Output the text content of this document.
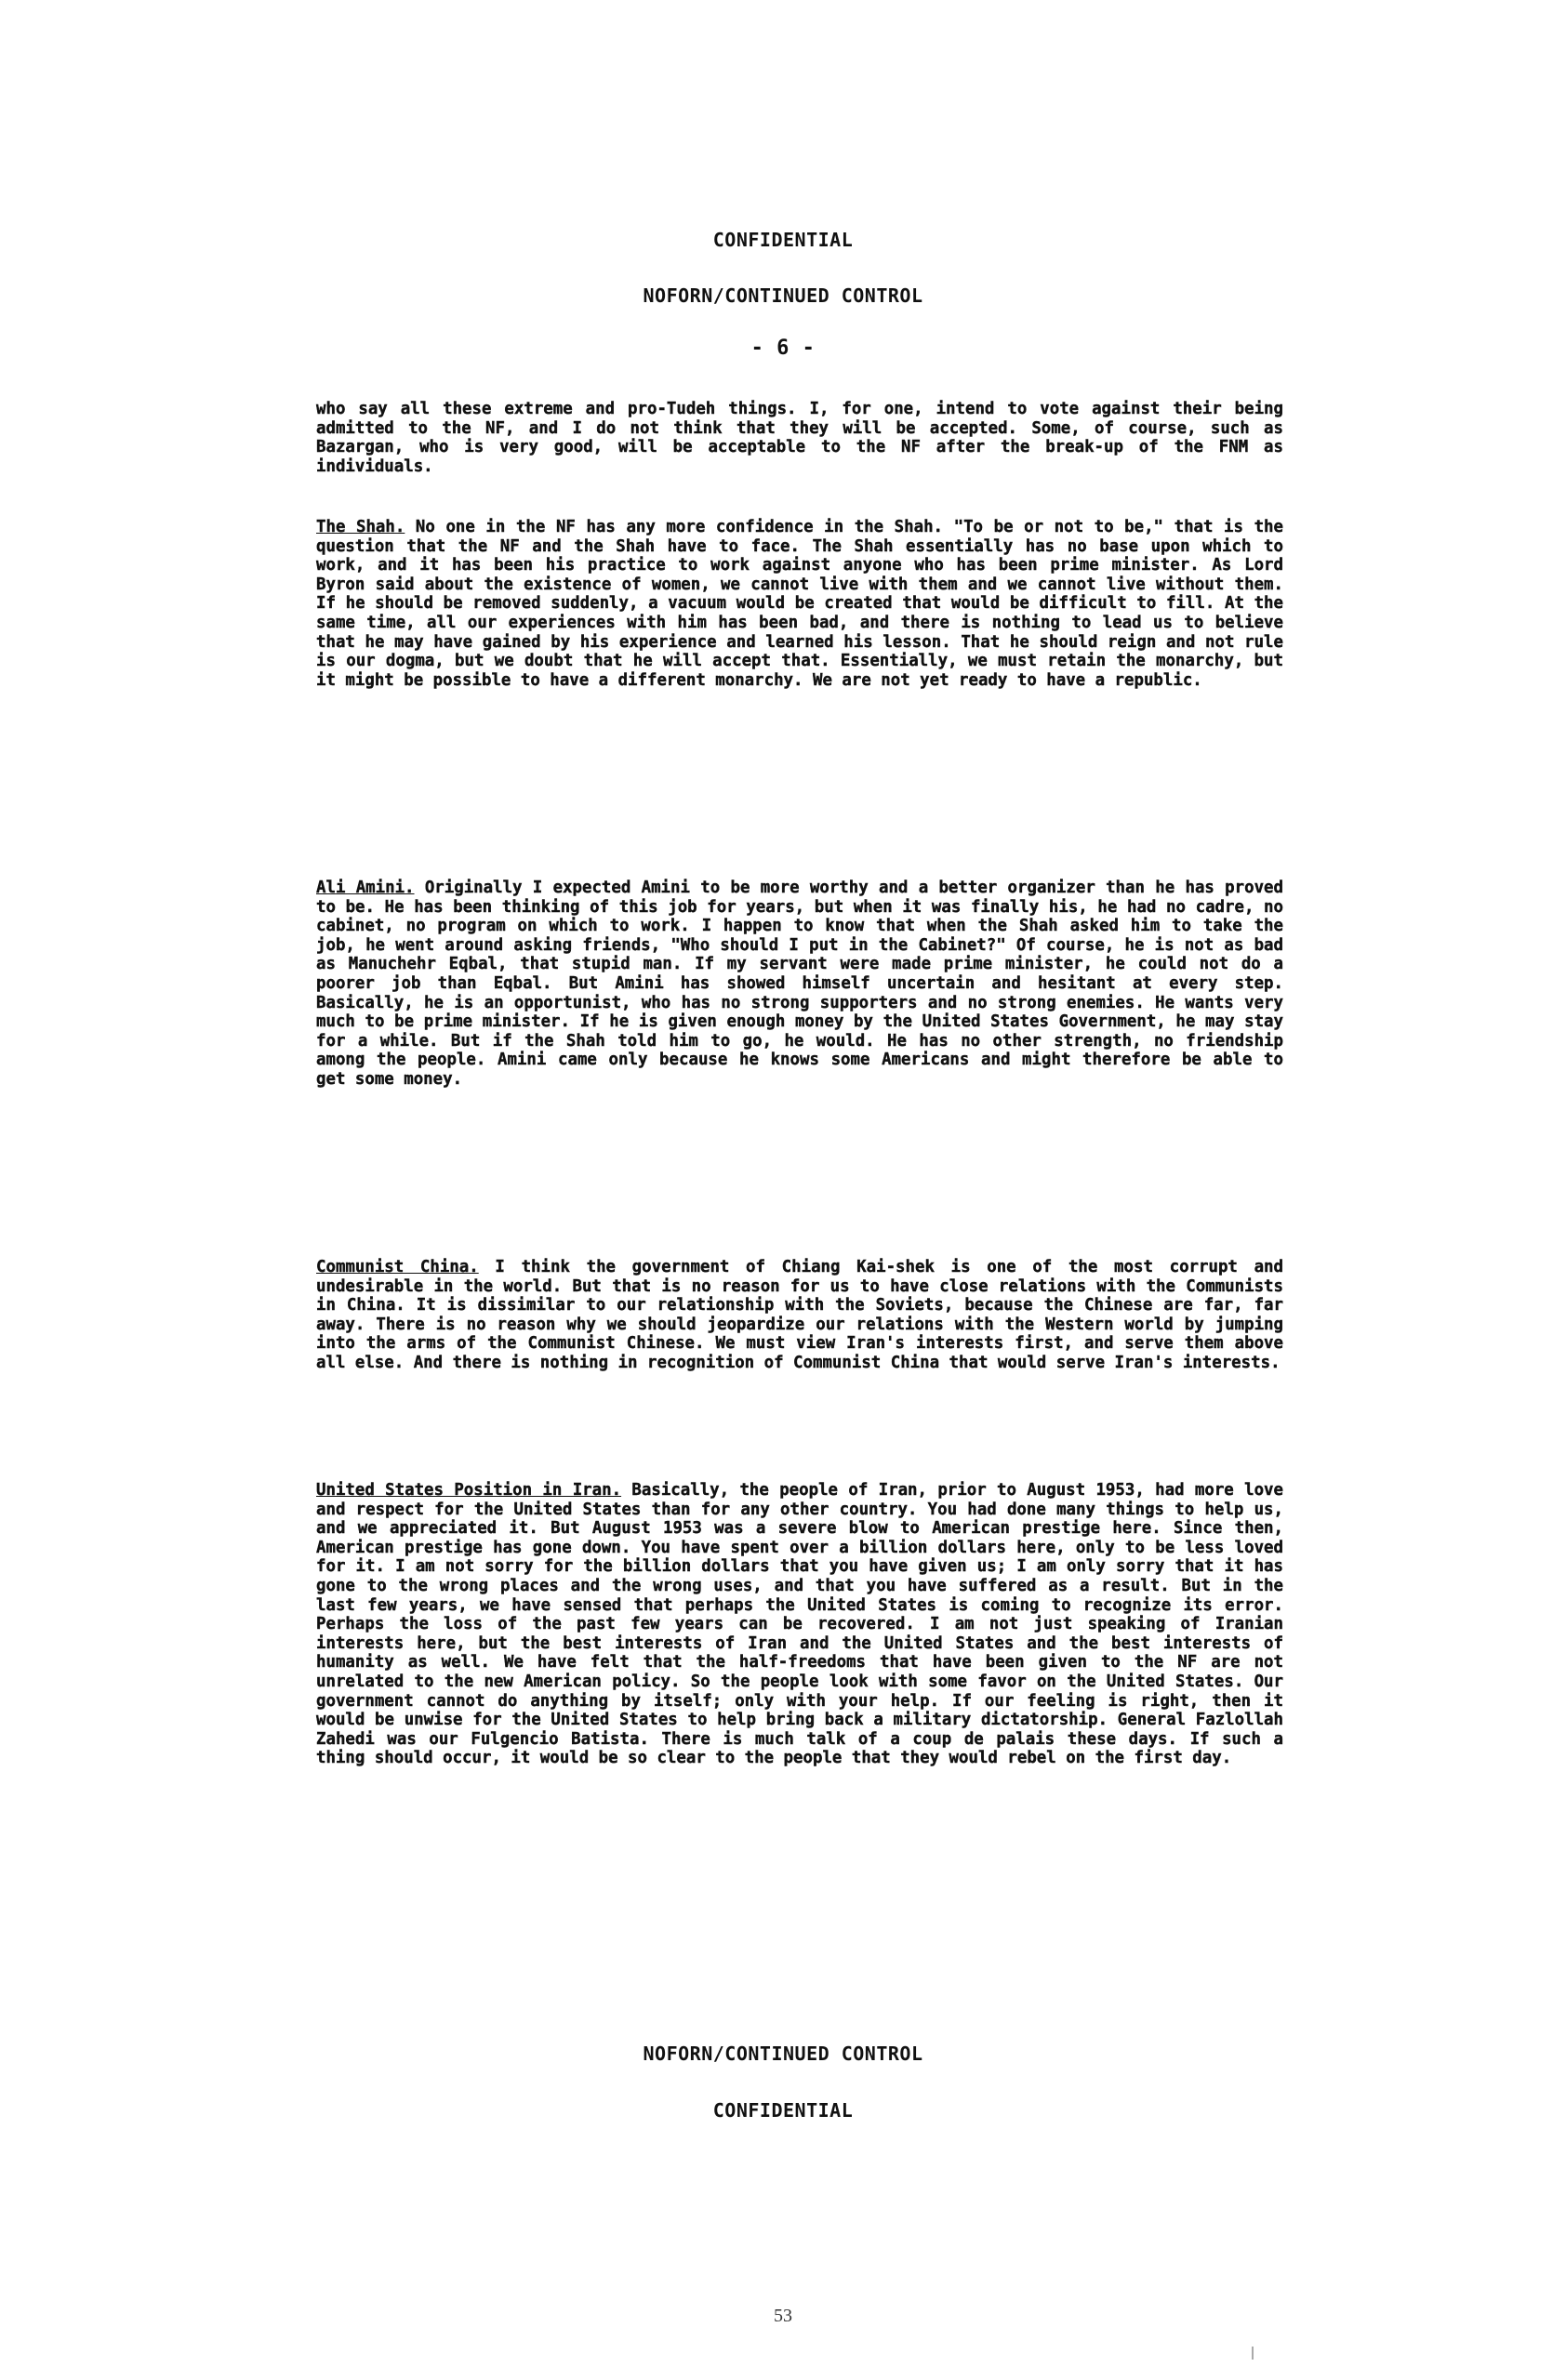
CONFIDENTIAL
NOFORN/CONTINUED CONTROL
- 6 -

who say all these extreme and pro-Tudeh things. I, for one, intend to vote against their being admitted to the NF, and I do not think that they will be accepted. Some, of course, such as Bazargan, who is very good, will be acceptable to the NF after the break-up of the FNM as individuals.

The Shah. No one in the NF has any more confidence in the Shah. "To be or not to be," that is the question that the NF and the Shah have to face. The Shah essentially has no base upon which to work, and it has been his practice to work against anyone who has been prime minister. As Lord Byron said about the existence of women, we cannot live with them and we cannot live without them. If he should be removed suddenly, a vacuum would be created that would be difficult to fill. At the same time, all our experiences with him has been bad, and there is nothing to lead us to believe that he may have gained by his experience and learned his lesson. That he should reign and not rule is our dogma, but we doubt that he will accept that. Essentially, we must retain the monarchy, but it might be possible to have a different monarchy. We are not yet ready to have a republic.

Ali Amini. Originally I expected Amini to be more worthy and a better organizer than he has proved to be. He has been thinking of this job for years, but when it was finally his, he had no cadre, no cabinet, no program on which to work. I happen to know that when the Shah asked him to take the job, he went around asking friends, "Who should I put in the Cabinet?" Of course, he is not as bad as Manuchehr Eqbal, that stupid man. If my servant were made prime minister, he could not do a poorer job than Eqbal. But Amini has showed himself uncertain and hesitant at every step. Basically, he is an opportunist, who has no strong supporters and no strong enemies. He wants very much to be prime minister. If he is given enough money by the United States Government, he may stay for a while. But if the Shah told him to go, he would. He has no other strength, no friendship among the people. Amini came only because he knows some Americans and might therefore be able to get some money.

Communist China. I think the government of Chiang Kai-shek is one of the most corrupt and undesirable in the world. But that is no reason for us to have close relations with the Communists in China. It is dissimilar to our relationship with the Soviets, because the Chinese are far, far away. There is no reason why we should jeopardize our relations with the Western world by jumping into the arms of the Communist Chinese. We must view Iran's interests first, and serve them above all else. And there is nothing in recognition of Communist China that would serve Iran's interests.

United States Position in Iran. Basically, the people of Iran, prior to August 1953, had more love and respect for the United States than for any other country. You had done many things to help us, and we appreciated it. But August 1953 was a severe blow to American prestige here. Since then, American prestige has gone down. You have spent over a billion dollars here, only to be less loved for it. I am not sorry for the billion dollars that you have given us; I am only sorry that it has gone to the wrong places and the wrong uses, and that you have suffered as a result. But in the last few years, we have sensed that perhaps the United States is coming to recognize its error. Perhaps the loss of the past few years can be recovered. I am not just speaking of Iranian interests here, but the best interests of Iran and the United States and the best interests of humanity as well. We have felt that the half-freedoms that have been given to the NF are not unrelated to the new American policy. So the people look with some favor on the United States. Our government cannot do anything by itself; only with your help. If our feeling is right, then it would be unwise for the United States to help bring back a military dictatorship. General Fazlollah Zahedi was our Fulgencio Batista. There is much talk of a coup de palais these days. If such a thing should occur, it would be so clear to the people that they would rebel on the first day.

NOFORN/CONTINUED CONTROL
CONFIDENTIAL
53
